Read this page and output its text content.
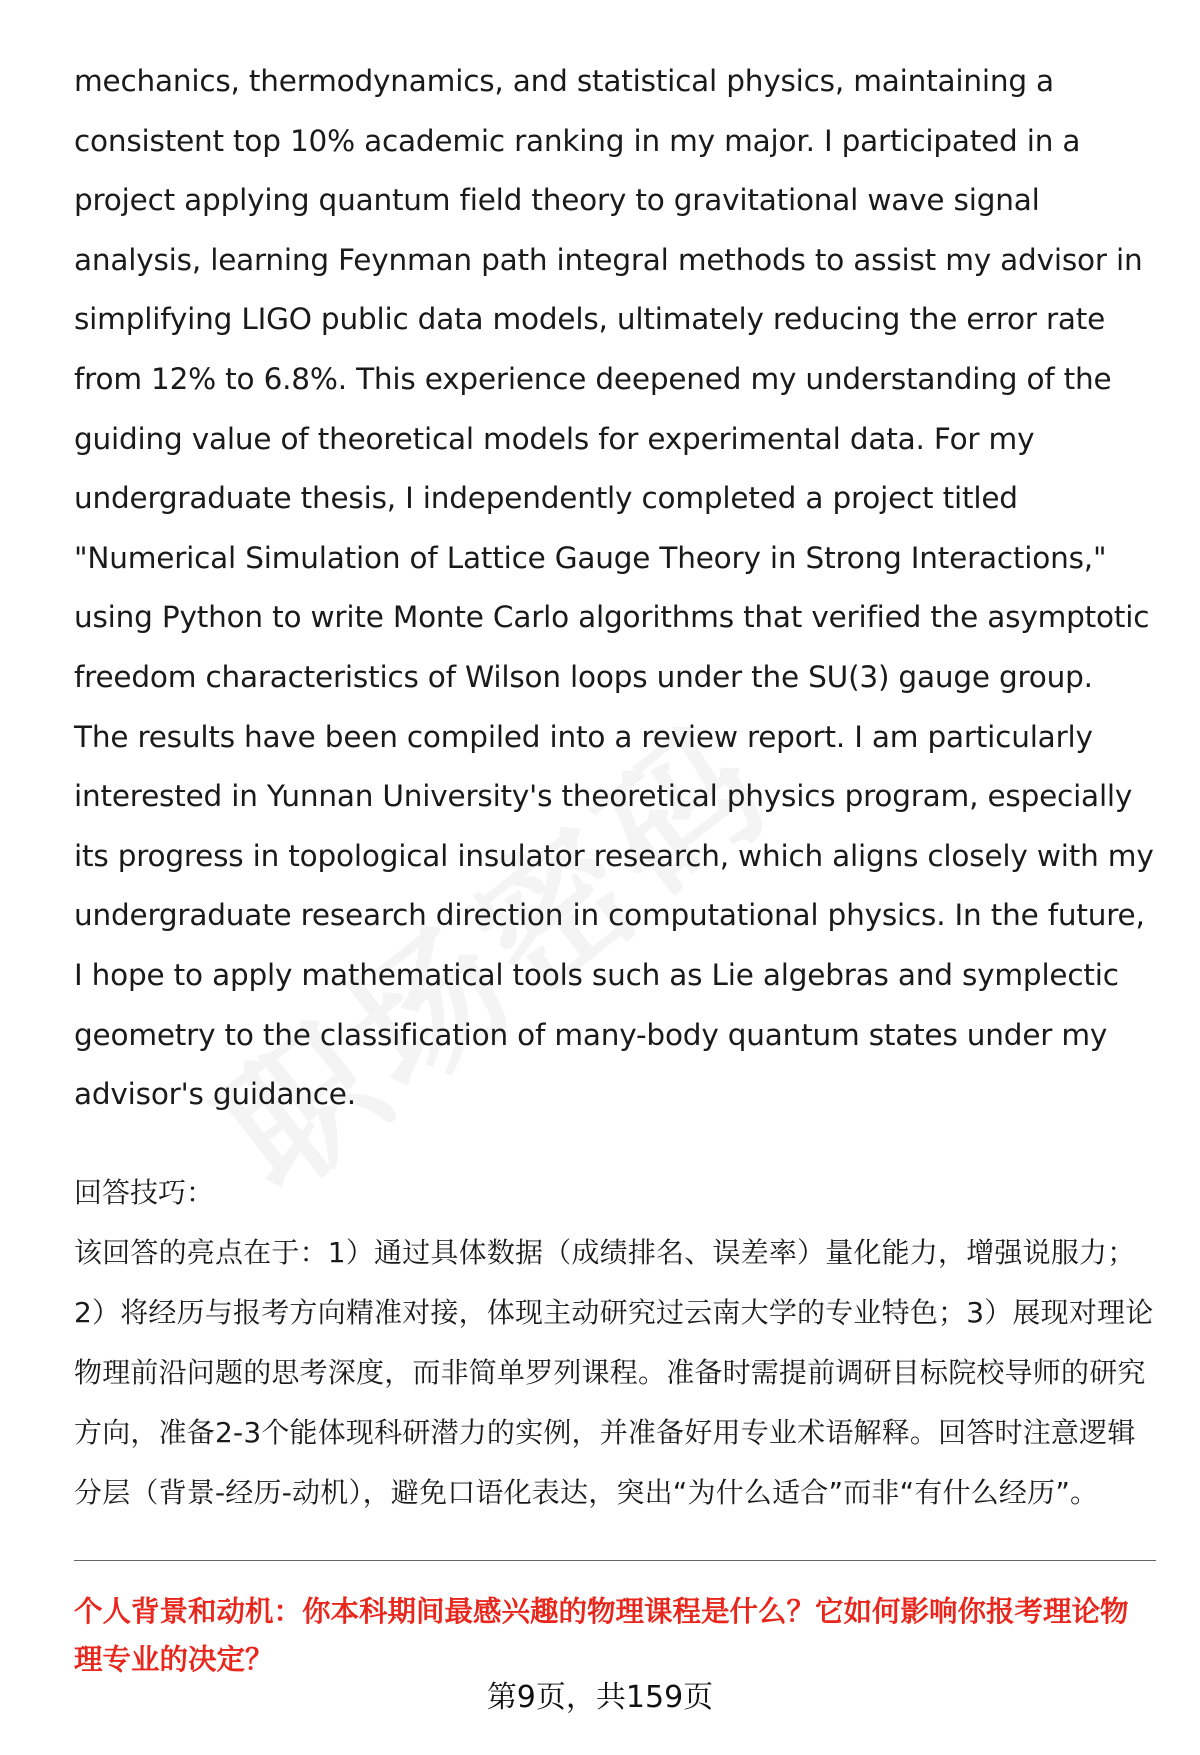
mechanics, thermodynamics, and statistical physics, maintaining a consistent top 10% academic ranking in my major. I participated in a project applying quantum field theory to gravitational wave signal analysis, learning Feynman path integral methods to assist my advisor in simplifying LIGO public data models, ultimately reducing the error rate from 12% to 6.8%. This experience deepened my understanding of the guiding value of theoretical models for experimental data. For my undergraduate thesis, I independently completed a project titled "Numerical Simulation of Lattice Gauge Theory in Strong Interactions," using Python to write Monte Carlo algorithms that verified the asymptotic freedom characteristics of Wilson loops under the SU(3) gauge group. The results have been compiled into a review report. I am particularly interested in Yunnan University's theoretical physics program, especially its progress in topological insulator research, which aligns closely with my undergraduate research direction in computational physics. In the future, I hope to apply mathematical tools such as Lie algebras and symplectic geometry to the classification of many-body quantum states under my advisor's guidance.

回答技巧：

该回答的亮点在于：1）通过具体数据（成绩排名、误差率）量化能力，增强说服力；2）将经历与报考方向精准对接，体现主动研究过云南大学的专业特色；3）展现对理论物理前沿问题的思考深度，而非简单罗列课程。准备时需提前调研目标院校导师的研究方向，准备2-3个能体现科研潜力的实例，并准备好用专业术语解释。回答时注意逻辑分层（背景-经历-动机），避免口语化表达，突出“为什么适合”而非“有什么经历”。

个人背景和动机：你本科期间最感兴趣的物理课程是什么？它如何影响你报考理论物理专业的决定？

第9页，共159页
